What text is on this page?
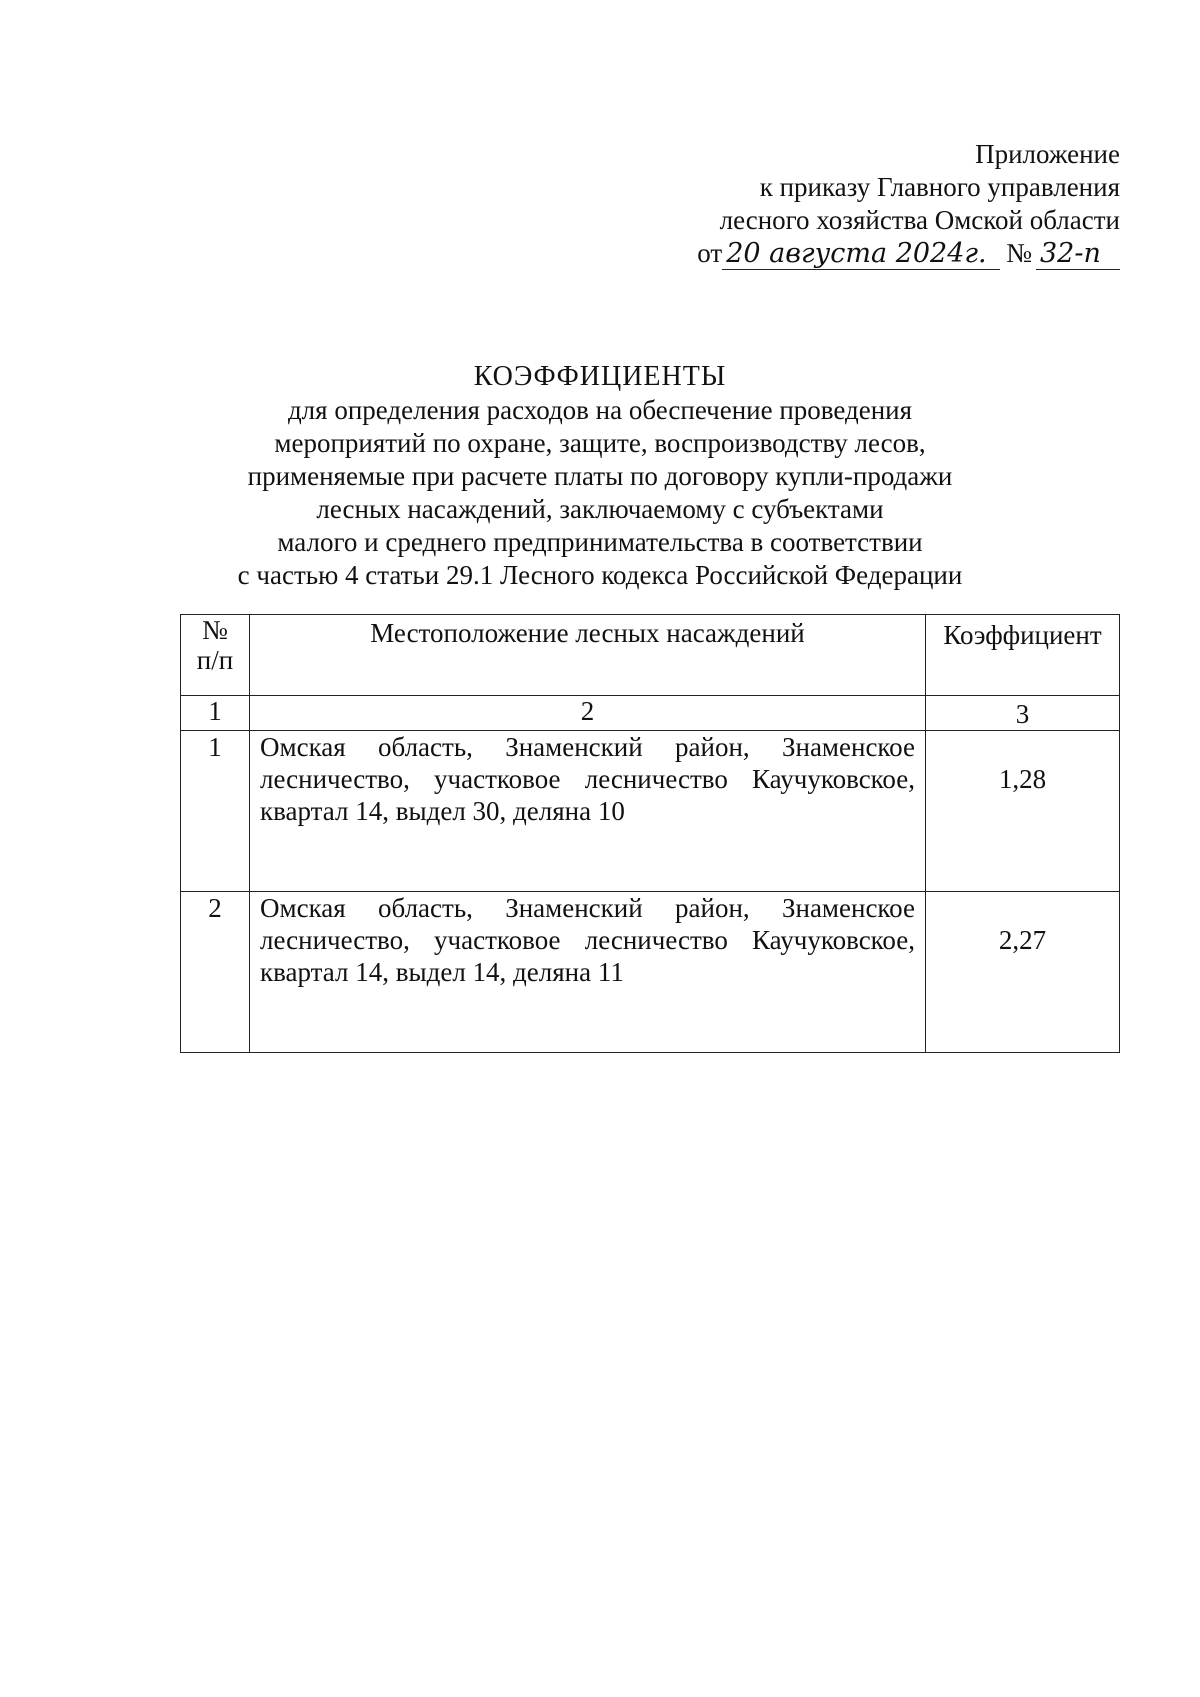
Приложение
к приказу Главного управления
лесного хозяйства Омской области
от 20 августа 2024г. № 32-п
КОЭФФИЦИЕНТЫ
для определения расходов на обеспечение проведения
мероприятий по охране, защите, воспроизводству лесов,
применяемые при расчете платы по договору купли-продажи
лесных насаждений, заключаемому с субъектами
малого и среднего предпринимательства в соответствии
с частью 4 статьи 29.1 Лесного кодекса Российской Федерации
№
п/п	Местоположение лесных насаждений	Коэффициент
1	2	3
1	Омская область, Знаменский район, Знаменское лесничество, участковое лесничество Каучуковское, квартал 14, выдел 30, деляна 10	1,28
2	Омская область, Знаменский район, Знаменское лесничество, участковое лесничество Каучуковское, квартал 14, выдел 14, деляна 11	2,27
